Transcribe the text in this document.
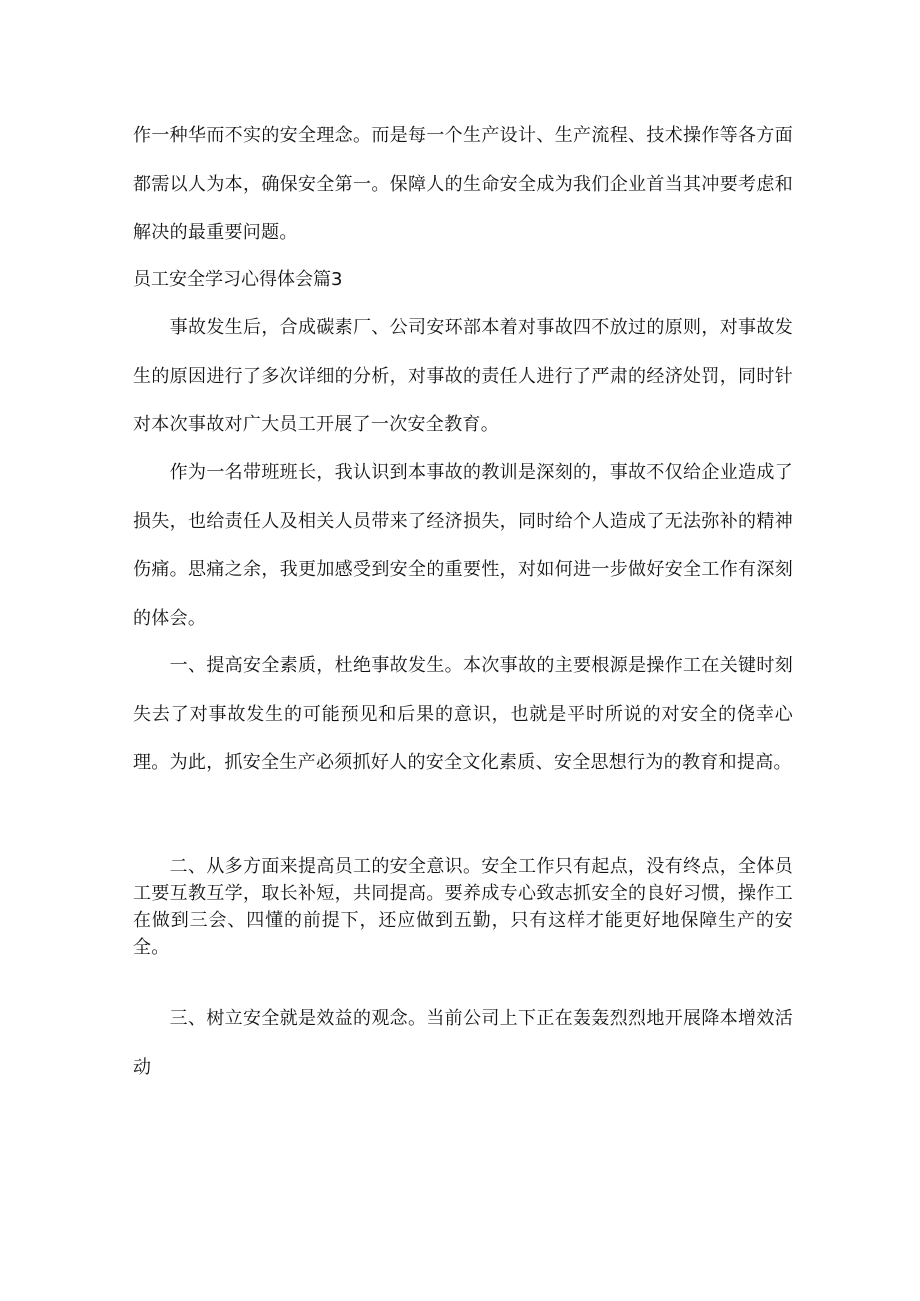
作一种华而不实的安全理念。而是每一个生产设计、生产流程、技术操作等各方面都需以人为本，确保安全第一。保障人的生命安全成为我们企业首当其冲要考虑和解决的最重要问题。

员工安全学习心得体会篇3

　　事故发生后，合成碳素厂、公司安环部本着对事故四不放过的原则，对事故发生的原因进行了多次详细的分析，对事故的责任人进行了严肃的经济处罚，同时针对本次事故对广大员工开展了一次安全教育。

　　作为一名带班班长，我认识到本事故的教训是深刻的，事故不仅给企业造成了损失，也给责任人及相关人员带来了经济损失，同时给个人造成了无法弥补的精神伤痛。思痛之余，我更加感受到安全的重要性，对如何进一步做好安全工作有深刻的体会。

　　一、提高安全素质，杜绝事故发生。本次事故的主要根源是操作工在关键时刻失去了对事故发生的可能预见和后果的意识，也就是平时所说的对安全的侥幸心理。为此，抓安全生产必须抓好人的安全文化素质、安全思想行为的教育和提高。

　　二、从多方面来提高员工的安全意识。安全工作只有起点，没有终点，全体员工要互教互学，取长补短，共同提高。要养成专心致志抓安全的良好习惯，操作工在做到三会、四懂的前提下，还应做到五勤，只有这样才能更好地保障生产的安全。

　　三、树立安全就是效益的观念。当前公司上下正在轰轰烈烈地开展降本增效活动
